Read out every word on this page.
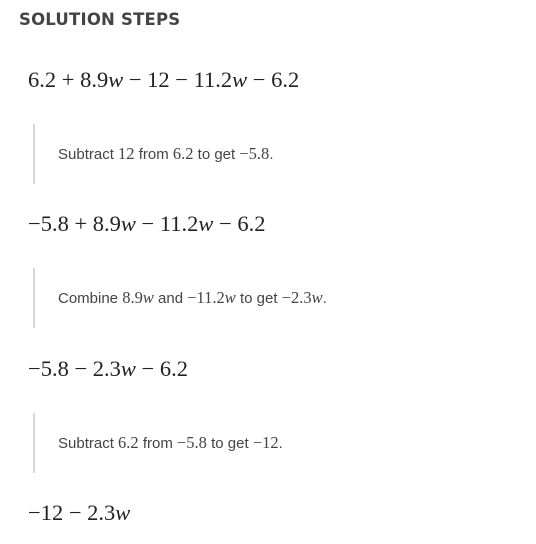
SOLUTION STEPS
6.2 + 8.9w − 12 − 11.2w − 6.2
Subtract 12 from 6.2 to get −5.8.
−5.8 + 8.9w − 11.2w − 6.2
Combine 8.9w and −11.2w to get −2.3w.
−5.8 − 2.3w − 6.2
Subtract 6.2 from −5.8 to get −12.
−12 − 2.3w
